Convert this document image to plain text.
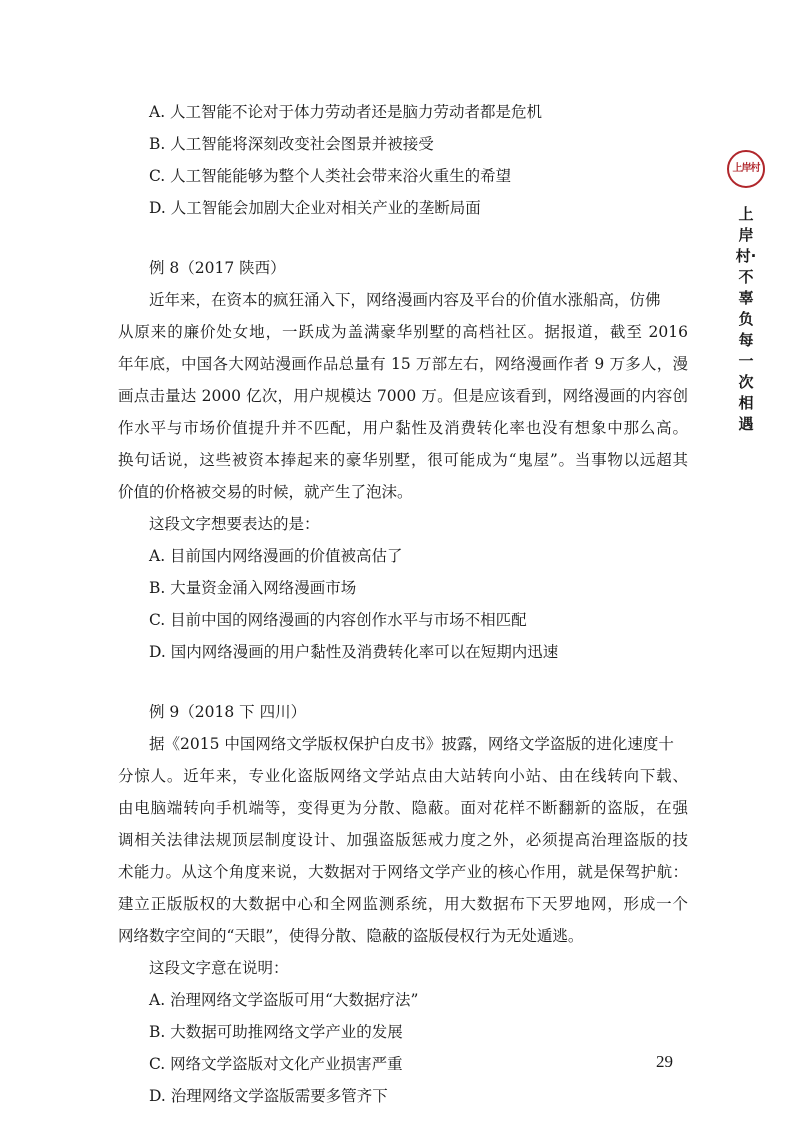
A. 人工智能不论对于体力劳动者还是脑力劳动者都是危机
B. 人工智能将深刻改变社会图景并被接受
C. 人工智能能够为整个人类社会带来浴火重生的希望
D. 人工智能会加剧大企业对相关产业的垄断局面
例 8（2017 陕西）
近年来，在资本的疯狂涌入下，网络漫画内容及平台的价值水涨船高，仿佛
从原来的廉价处女地，一跃成为盖满豪华别墅的高档社区。据报道，截至 2016
年年底，中国各大网站漫画作品总量有 15 万部左右，网络漫画作者 9 万多人，漫
画点击量达 2000 亿次，用户规模达 7000 万。但是应该看到，网络漫画的内容创
作水平与市场价值提升并不匹配，用户黏性及消费转化率也没有想象中那么高。
换句话说，这些被资本捧起来的豪华别墅，很可能成为“鬼屋”。当事物以远超其
价值的价格被交易的时候，就产生了泡沫。
这段文字想要表达的是：
A. 目前国内网络漫画的价值被高估了
B. 大量资金涌入网络漫画市场
C. 目前中国的网络漫画的内容创作水平与市场不相匹配
D. 国内网络漫画的用户黏性及消费转化率可以在短期内迅速
例 9（2018 下 四川）
据《2015 中国网络文学版权保护白皮书》披露，网络文学盗版的进化速度十
分惊人。近年来，专业化盗版网络文学站点由大站转向小站、由在线转向下载、
由电脑端转向手机端等，变得更为分散、隐蔽。面对花样不断翻新的盗版，在强
调相关法律法规顶层制度设计、加强盗版惩戒力度之外，必须提高治理盗版的技
术能力。从这个角度来说，大数据对于网络文学产业的核心作用，就是保驾护航：
建立正版版权的大数据中心和全网监测系统，用大数据布下天罗地网，形成一个
网络数字空间的“天眼”，使得分散、隐蔽的盗版侵权行为无处遁逃。
这段文字意在说明：
A. 治理网络文学盗版可用“大数据疗法”
B. 大数据可助推网络文学产业的发展
C. 网络文学盗版对文化产业损害严重
D. 治理网络文学盗版需要多管齐下
上岸村
上岸村·不辜负每一次相遇
29
